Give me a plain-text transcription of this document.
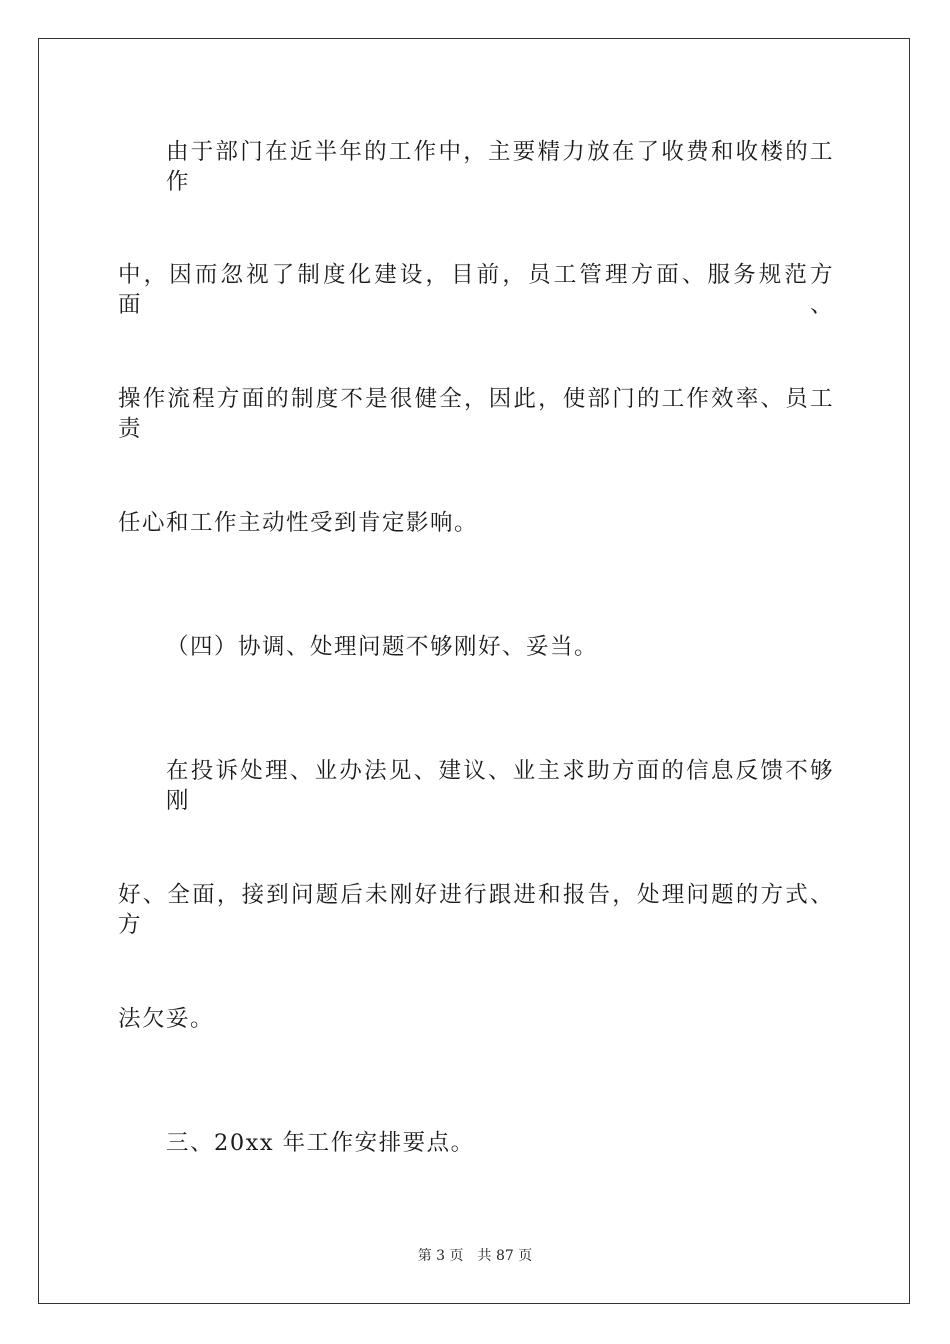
由于部门在近半年的工作中，主要精力放在了收费和收楼的工作
中，因而忽视了制度化建设，目前，员工管理方面、服务规范方面、
操作流程方面的制度不是很健全，因此，使部门的工作效率、员工责
任心和工作主动性受到肯定影响。
（四）协调、处理问题不够刚好、妥当。
在投诉处理、业办法见、建议、业主求助方面的信息反馈不够刚
好、全面，接到问题后未刚好进行跟进和报告，处理问题的方式、方
法欠妥。
三、20xx 年工作安排要点。
第 3 页 共 87 页
